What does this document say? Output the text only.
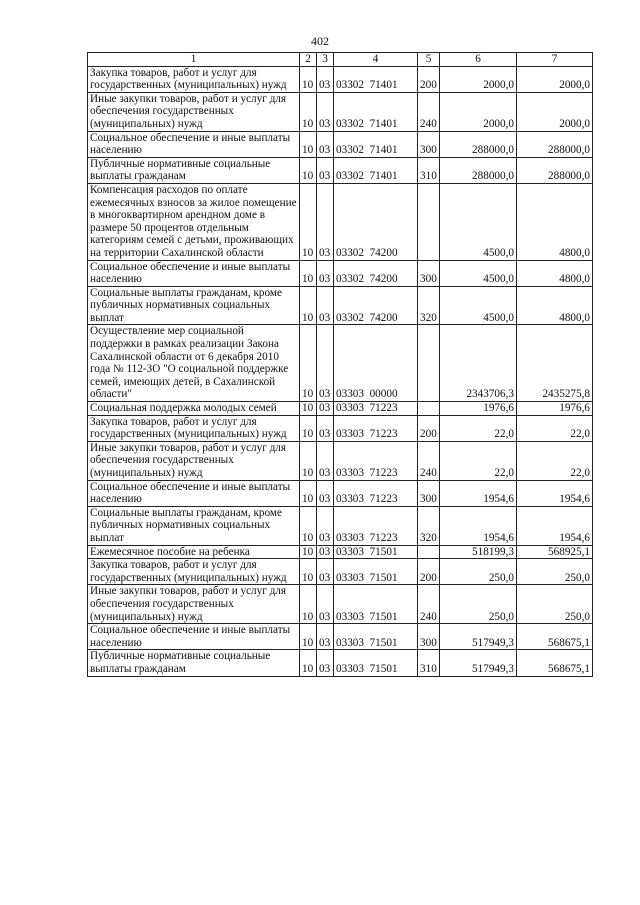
402
1	2	3	4	5	6	7
Закупка товаров, работ и услуг для государственных (муниципальных) нужд	10	03	03302  71401	200	2000,0	2000,0
Иные закупки товаров, работ и услуг для обеспечения государственных (муниципальных) нужд	10	03	03302  71401	240	2000,0	2000,0
Социальное обеспечение и иные выплаты населению	10	03	03302  71401	300	288000,0	288000,0
Публичные нормативные социальные выплаты гражданам	10	03	03302  71401	310	288000,0	288000,0
Компенсация расходов по оплате ежемесячных взносов за жилое помещение в многоквартирном арендном доме в размере 50 процентов отдельным категориям семей с детьми, проживающих на территории Сахалинской области	10	03	03302  74200		4500,0	4800,0
Социальное обеспечение и иные выплаты населению	10	03	03302  74200	300	4500,0	4800,0
Социальные выплаты гражданам, кроме публичных нормативных социальных выплат	10	03	03302  74200	320	4500,0	4800,0
Осуществление мер социальной поддержки в рамках реализации Закона Сахалинской области от 6 декабря 2010 года № 112-ЗО "О социальной поддержке семей, имеющих детей, в Сахалинской области"	10	03	03303  00000		2343706,3	2435275,8
Социальная поддержка молодых семей	10	03	03303  71223		1976,6	1976,6
Закупка товаров, работ и услуг для государственных (муниципальных) нужд	10	03	03303  71223	200	22,0	22,0
Иные закупки товаров, работ и услуг для обеспечения государственных (муниципальных) нужд	10	03	03303  71223	240	22,0	22,0
Социальное обеспечение и иные выплаты населению	10	03	03303  71223	300	1954,6	1954,6
Социальные выплаты гражданам, кроме публичных нормативных социальных выплат	10	03	03303  71223	320	1954,6	1954,6
Ежемесячное пособие на ребенка	10	03	03303  71501		518199,3	568925,1
Закупка товаров, работ и услуг для государственных (муниципальных) нужд	10	03	03303  71501	200	250,0	250,0
Иные закупки товаров, работ и услуг для обеспечения государственных (муниципальных) нужд	10	03	03303  71501	240	250,0	250,0
Социальное обеспечение и иные выплаты населению	10	03	03303  71501	300	517949,3	568675,1
Публичные нормативные социальные выплаты гражданам	10	03	03303  71501	310	517949,3	568675,1
